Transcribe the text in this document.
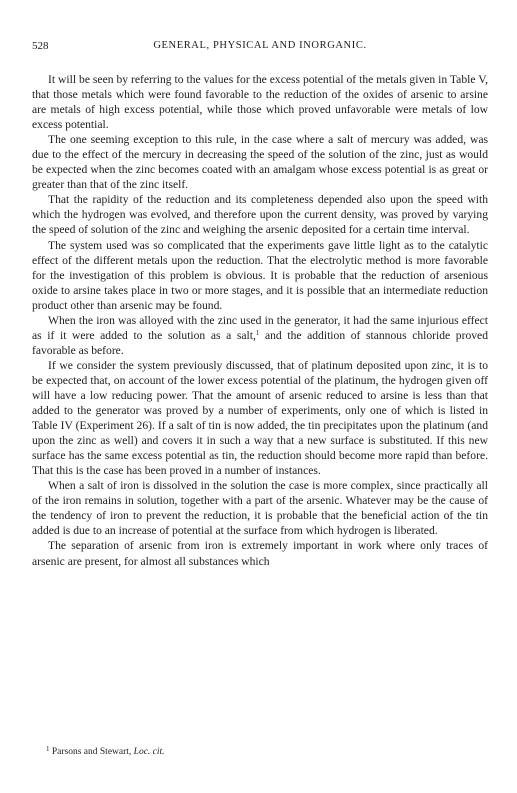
528	GENERAL, PHYSICAL AND INORGANIC.

It will be seen by referring to the values for the excess potential of the metals given in Table V, that those metals which were found favorable to the reduction of the oxides of arsenic to arsine are metals of high excess potential, while those which proved unfavorable were metals of low excess potential.

The one seeming exception to this rule, in the case where a salt of mercury was added, was due to the effect of the mercury in decreasing the speed of the solution of the zinc, just as would be expected when the zinc becomes coated with an amalgam whose excess potential is as great or greater than that of the zinc itself.

That the rapidity of the reduction and its completeness depended also upon the speed with which the hydrogen was evolved, and therefore upon the current density, was proved by varying the speed of solution of the zinc and weighing the arsenic deposited for a certain time interval.

The system used was so complicated that the experiments gave little light as to the catalytic effect of the different metals upon the reduction. That the electrolytic method is more favorable for the investigation of this problem is obvious. It is probable that the reduction of arsenious oxide to arsine takes place in two or more stages, and it is possible that an intermediate reduction product other than arsenic may be found.

When the iron was alloyed with the zinc used in the generator, it had the same injurious effect as if it were added to the solution as a salt,$^1$ and the addition of stannous chloride proved favorable as before.

If we consider the system previously discussed, that of platinum deposited upon zinc, it is to be expected that, on account of the lower excess potential of the platinum, the hydrogen given off will have a low reducing power. That the amount of arsenic reduced to arsine is less than that added to the generator was proved by a number of experiments, only one of which is listed in Table IV (Experiment 26). If a salt of tin is now added, the tin precipitates upon the platinum (and upon the zinc as well) and covers it in such a way that a new surface is substituted. If this new surface has the same excess potential as tin, the reduction should become more rapid than before. That this is the case has been proved in a number of instances.

When a salt of iron is dissolved in the solution the case is more complex, since practically all of the iron remains in solution, together with a part of the arsenic. Whatever may be the cause of the tendency of iron to prevent the reduction, it is probable that the beneficial action of the tin added is due to an increase of potential at the surface from which hydrogen is liberated.

The separation of arsenic from iron is extremely important in work where only traces of arsenic are present, for almost all substances which

$^1$ Parsons and Stewart, Loc. cit.
